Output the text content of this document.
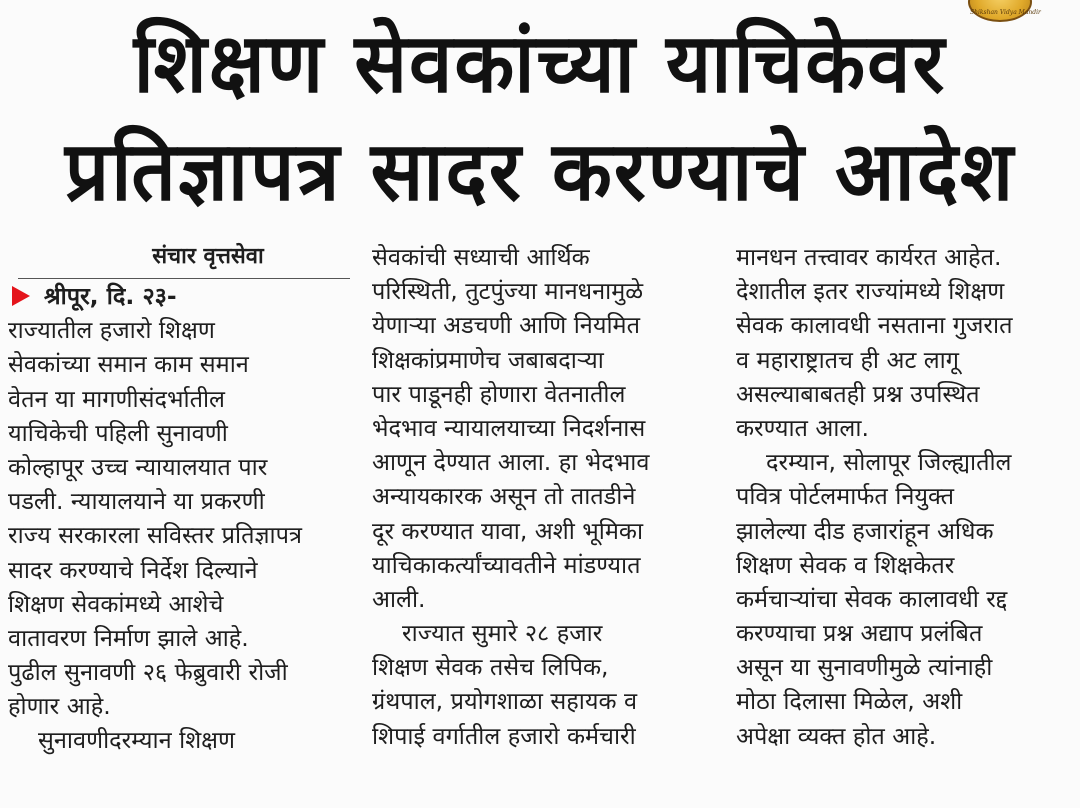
Shikshan Vidya Mandir
शिक्षण सेवकांच्या याचिकेवर
प्रतिज्ञापत्र सादर करण्याचे आदेश
संचार वृत्तसेवा
श्रीपूर, दि. २३-
राज्यातील हजारो शिक्षण
सेवकांच्या समान काम समान
वेतन या मागणीसंदर्भातील
याचिकेची पहिली सुनावणी
कोल्हापूर उच्च न्यायालयात पार
पडली. न्यायालयाने या प्रकरणी
राज्य सरकारला सविस्तर प्रतिज्ञापत्र
सादर करण्याचे निर्देश दिल्याने
शिक्षण सेवकांमध्ये आशेचे
वातावरण निर्माण झाले आहे.
पुढील सुनावणी २६ फेब्रुवारी रोजी
होणार आहे.
सुनावणीदरम्यान शिक्षण
सेवकांची सध्याची आर्थिक
परिस्थिती, तुटपुंज्या मानधनामुळे
येणाऱ्या अडचणी आणि नियमित
शिक्षकांप्रमाणेच जबाबदाऱ्या
पार पाडूनही होणारा वेतनातील
भेदभाव न्यायालयाच्या निदर्शनास
आणून देण्यात आला. हा भेदभाव
अन्यायकारक असून तो तातडीने
दूर करण्यात यावा, अशी भूमिका
याचिकाकर्त्यांच्यावतीने मांडण्यात
आली.
राज्यात सुमारे २८ हजार
शिक्षण सेवक तसेच लिपिक,
ग्रंथपाल, प्रयोगशाळा सहायक व
शिपाई वर्गातील हजारो कर्मचारी
मानधन तत्त्वावर कार्यरत आहेत.
देशातील इतर राज्यांमध्ये शिक्षण
सेवक कालावधी नसताना गुजरात
व महाराष्ट्रातच ही अट लागू
असल्याबाबतही प्रश्न उपस्थित
करण्यात आला.
दरम्यान, सोलापूर जिल्ह्यातील
पवित्र पोर्टलमार्फत नियुक्त
झालेल्या दीड हजारांहून अधिक
शिक्षण सेवक व शिक्षकेतर
कर्मचाऱ्यांचा सेवक कालावधी रद्द
करण्याचा प्रश्न अद्याप प्रलंबित
असून या सुनावणीमुळे त्यांनाही
मोठा दिलासा मिळेल, अशी
अपेक्षा व्यक्त होत आहे.
